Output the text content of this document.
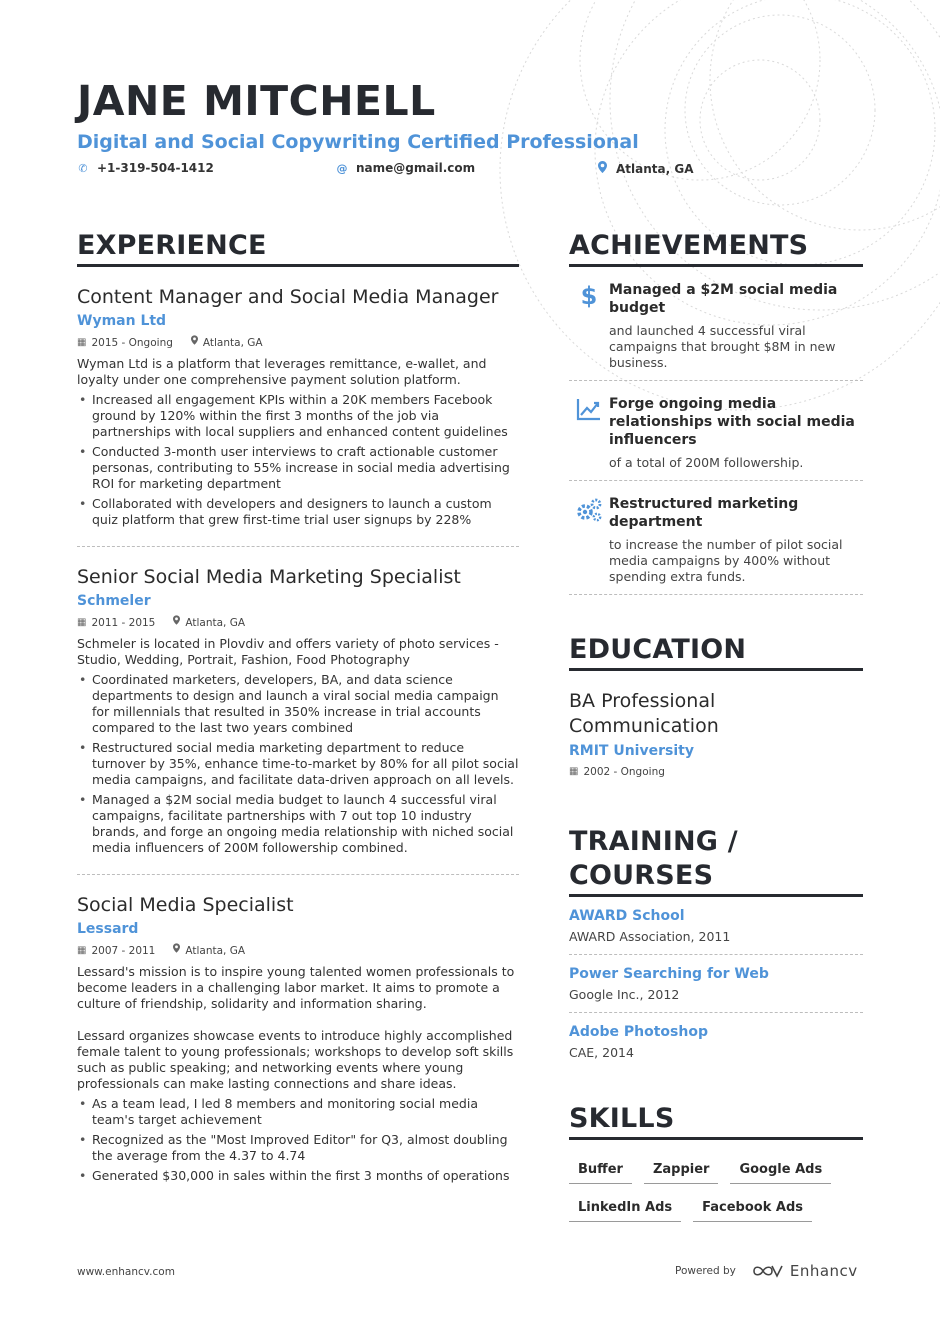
JANE MITCHELL
Digital and Social Copywriting Certified Professional
✆ +1-319-504-1412	@ name@gmail.com	Atlanta, GA
EXPERIENCE
Content Manager and Social Media Manager
Wyman Ltd
▦ 2015 - Ongoing	Atlanta, GA
Wyman Ltd is a platform that leverages remittance, e-wallet, and loyalty under one comprehensive payment solution platform.
• Increased all engagement KPIs within a 20K members Facebook ground by 120% within the first 3 months of the job via partnerships with local suppliers and enhanced content guidelines
• Conducted 3-month user interviews to craft actionable customer personas, contributing to 55% increase in social media advertising ROI for marketing department
• Collaborated with developers and designers to launch a custom quiz platform that grew first-time trial user signups by 228%
Senior Social Media Marketing Specialist
Schmeler
▦ 2011 - 2015	Atlanta, GA
Schmeler is located in Plovdiv and offers variety of photo services - Studio, Wedding, Portrait, Fashion, Food Photography
• Coordinated marketers, developers, BA, and data science departments to design and launch a viral social media campaign for millennials that resulted in 350% increase in trial accounts compared to the last two years combined
• Restructured social media marketing department to reduce turnover by 35%, enhance time-to-market by 80% for all pilot social media campaigns, and facilitate data-driven approach on all levels.
• Managed a $2M social media budget to launch 4 successful viral campaigns, facilitate partnerships with 7 out top 10 industry brands, and forge an ongoing media relationship with niched social media influencers of 200M followership combined.
Social Media Specialist
Lessard
▦ 2007 - 2011	Atlanta, GA
Lessard's mission is to inspire young talented women professionals to become leaders in a challenging labor market. It aims to promote a culture of friendship, solidarity and information sharing.
Lessard organizes showcase events to introduce highly accomplished female talent to young professionals; workshops to develop soft skills such as public speaking; and networking events where young professionals can make lasting connections and share ideas.
• As a team lead, I led 8 members and monitoring social media team's target achievement
• Recognized as the "Most Improved Editor" for Q3, almost doubling the average from the 4.37 to 4.74
• Generated $30,000 in sales within the first 3 months of operations
ACHIEVEMENTS
$ Managed a $2M social media budget
and launched 4 successful viral campaigns that brought $8M in new business.
Forge ongoing media relationships with social media influencers
of a total of 200M followership.
Restructured marketing department
to increase the number of pilot social media campaigns by 400% without spending extra funds.
EDUCATION
BA Professional Communication
RMIT University
▦ 2002 - Ongoing
TRAINING / COURSES
AWARD School
AWARD Association, 2011
Power Searching for Web
Google Inc., 2012
Adobe Photoshop
CAE, 2014
SKILLS
Buffer	Zappier	Google Ads
LinkedIn Ads	Facebook Ads
www.enhancv.com	Powered by	Enhancv
